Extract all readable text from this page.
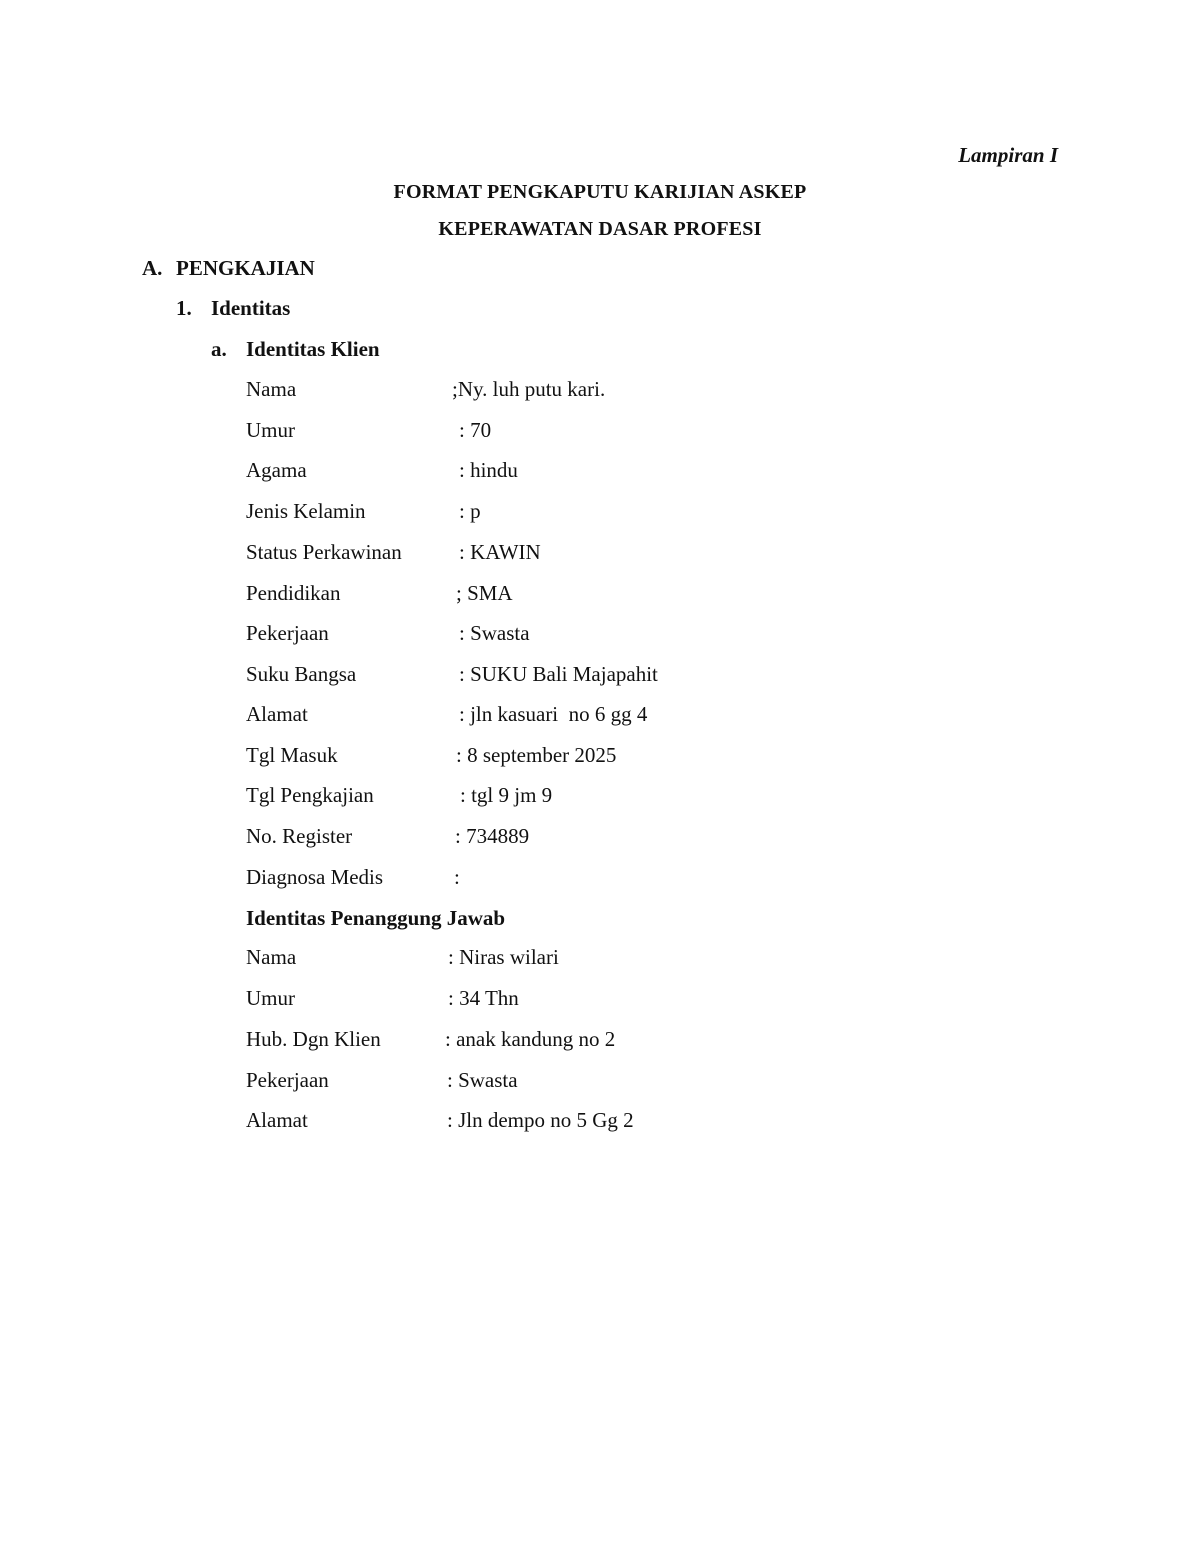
Lampiran I
FORMAT PENGKAPUTU KARIJIAN ASKEP
KEPERAWATAN DASAR PROFESI
A. PENGKAJIAN
1. Identitas
a. Identitas Klien

Nama

	;Ny. luh putu kari.

Umur

	: 70

Agama

	: hindu

Jenis Kelamin

	: p

Status Perkawinan

	: KAWIN

Pendidikan

	; SMA

Pekerjaan

	: Swasta

Suku Bangsa

	: SUKU Bali Majapahit

Alamat

	: jln kasuari  no 6 gg 4

Tgl Masuk

	: 8 september 2025

Tgl Pengkajian

	: tgl 9 jm 9

No. Register

	: 734889

Diagnosa Medis

	:

Identitas Penanggung Jawab

Nama

	: Niras wilari

Umur

	: 34 Thn

Hub. Dgn Klien

	: anak kandung no 2

Pekerjaan

	: Swasta

Alamat

	: Jln dempo no 5 Gg 2
